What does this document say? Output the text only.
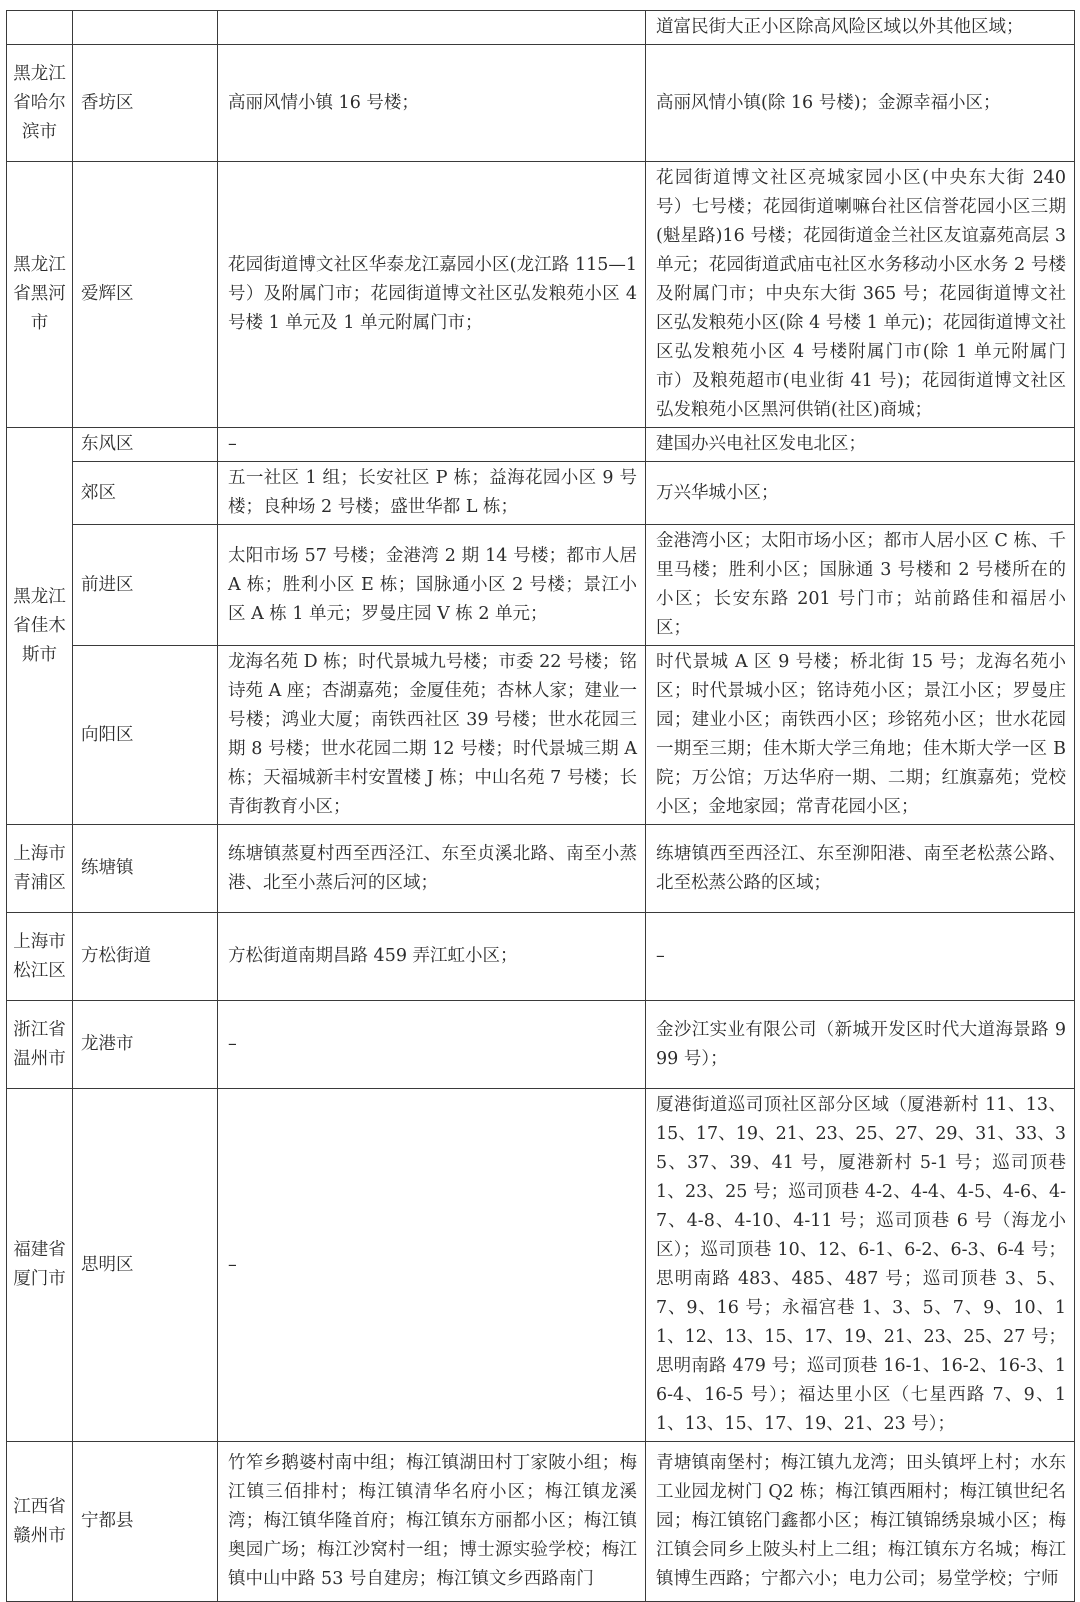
			道富民街大正小区除高风险区域以外其他区域；
黑龙江省哈尔滨市	香坊区	高丽风情小镇 16 号楼；	高丽风情小镇(除 16 号楼)；金源幸福小区；
黑龙江省黑河市	爱辉区	花园街道博文社区华泰龙江嘉园小区(龙江路 115—1 号）及附属门市；花园街道博文社区弘发粮苑小区 4 号楼 1 单元及 1 单元附属门市；	花园街道博文社区亮城家园小区(中央东大街 240 号）七号楼；花园街道喇嘛台社区信誉花园小区三期(魁星路)16 号楼；花园街道金兰社区友谊嘉苑高层 3 单元；花园街道武庙屯社区水务移动小区水务 2 号楼及附属门市；中央东大街 365 号；花园街道博文社区弘发粮苑小区(除 4 号楼 1 单元)；花园街道博文社区弘发粮苑小区 4 号楼附属门市(除 1 单元附属门市）及粮苑超市(电业街 41 号)；花园街道博文社区弘发粮苑小区黑河供销(社区)商城；
黑龙江省佳木斯市	东风区	–	建国办兴电社区发电北区；
	郊区	五一社区 1 组；长安社区 P 栋；益海花园小区 9 号楼；良种场 2 号楼；盛世华都 L 栋；	万兴华城小区；
	前进区	太阳市场 57 号楼；金港湾 2 期 14 号楼；都市人居 A 栋；胜利小区 E 栋；国脉通小区 2 号楼；景江小区 A 栋 1 单元；罗曼庄园 V 栋 2 单元；	金港湾小区；太阳市场小区；都市人居小区 C 栋、千里马楼；胜利小区；国脉通 3 号楼和 2 号楼所在的小区；长安东路 201 号门市；站前路佳和福居小区；
	向阳区	龙海名苑 D 栋；时代景城九号楼；市委 22 号楼；铭诗苑 A 座；杏湖嘉苑；金厦佳苑；杏林人家；建业一号楼；鸿业大厦；南铁西社区 39 号楼；世水花园三期 8 号楼；世水花园二期 12 号楼；时代景城三期 A 栋；天福城新丰村安置楼 J 栋；中山名苑 7 号楼；长青街教育小区；	时代景城 A 区 9 号楼；桥北街 15 号；龙海名苑小区；时代景城小区；铭诗苑小区；景江小区；罗曼庄园；建业小区；南铁西小区；珍铭苑小区；世水花园一期至三期；佳木斯大学三角地；佳木斯大学一区 B 院；万公馆；万达华府一期、二期；红旗嘉苑；党校小区；金地家园；常青花园小区；
上海市青浦区	练塘镇	练塘镇蒸夏村西至西泾江、东至贞溪北路、南至小蒸港、北至小蒸后河的区域；	练塘镇西至西泾江、东至泖阳港、南至老松蒸公路、北至松蒸公路的区域；
上海市松江区	方松街道	方松街道南期昌路 459 弄江虹小区；	–
浙江省温州市	龙港市	–	金沙江实业有限公司（新城开发区时代大道海景路 999 号）；
福建省厦门市	思明区	–	厦港街道巡司顶社区部分区域（厦港新村 11、13、15、17、19、21、23、25、27、29、31、33、35、37、39、41 号，厦港新村 5-1 号；巡司顶巷 1、23、25 号；巡司顶巷 4-2、4-4、4-5、4-6、4-7、4-8、4-10、4-11 号；巡司顶巷 6 号（海龙小区）；巡司顶巷 10、12、6-1、6-2、6-3、6-4 号；思明南路 483、485、487 号；巡司顶巷 3、5、7、9、16 号；永福宫巷 1、3、5、7、9、10、11、12、13、15、17、19、21、23、25、27 号；思明南路 479 号；巡司顶巷 16-1、16-2、16-3、16-4、16-5 号）；福达里小区（七星西路 7、9、11、13、15、17、19、21、23 号）；
江西省赣州市	宁都县	竹笮乡鹅婆村南中组；梅江镇湖田村丁家陂小组；梅江镇三佰排村；梅江镇清华名府小区；梅江镇龙溪湾；梅江镇华隆首府；梅江镇东方丽都小区；梅江镇奥园广场；梅江沙窝村一组；博士源实验学校；梅江镇中山中路 53 号自建房；梅江镇文乡西路南门	青塘镇南堡村；梅江镇九龙湾；田头镇坪上村；水东工业园龙树门 Q2 栋；梅江镇西厢村；梅江镇世纪名园；梅江镇铭门鑫都小区；梅江镇锦绣泉城小区；梅江镇会同乡上陂头村上二组；梅江镇东方名城；梅江镇博生西路；宁都六小；电力公司；易堂学校；宁师
